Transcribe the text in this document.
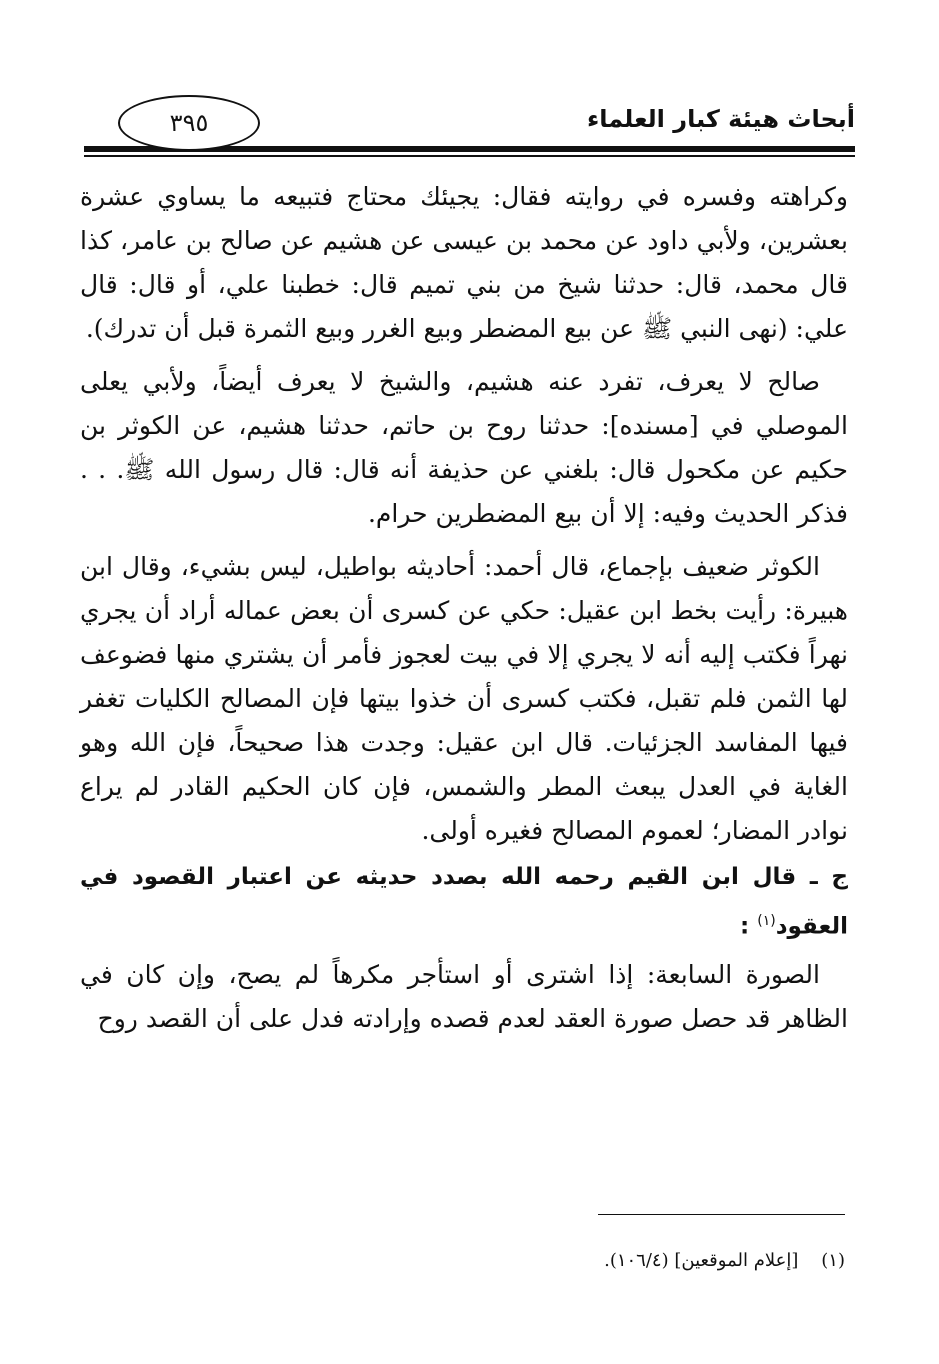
٣٩٥	أبحاث هيئة كبار العلماء

وكراهته وفسره في روايته فقال: يجيئك محتاج فتبيعه ما يساوي عشرة بعشرين، ولأبي داود عن محمد بن عيسى عن هشيم عن صالح بن عامر، كذا قال محمد، قال: حدثنا شيخ من بني تميم قال: خطبنا علي، أو قال: قال علي: (نهى النبي ﷺ عن بيع المضطر وبيع الغرر وبيع الثمرة قبل أن تدرك).

صالح لا يعرف، تفرد عنه هشيم، والشيخ لا يعرف أيضاً، ولأبي يعلى الموصلي في [مسنده]: حدثنا روح بن حاتم، حدثنا هشيم، عن الكوثر بن حكيم عن مكحول قال: بلغني عن حذيفة أنه قال: قال رسول الله ﷺ. . . فذكر الحديث وفيه: إلا أن بيع المضطرين حرام.

الكوثر ضعيف بإجماع، قال أحمد: أحاديثه بواطيل، ليس بشيء، وقال ابن هبيرة: رأيت بخط ابن عقيل: حكي عن كسرى أن بعض عماله أراد أن يجري نهراً فكتب إليه أنه لا يجري إلا في بيت لعجوز فأمر أن يشتري منها فضوعف لها الثمن فلم تقبل، فكتب كسرى أن خذوا بيتها فإن المصالح الكليات تغفر فيها المفاسد الجزئيات. قال ابن عقيل: وجدت هذا صحيحاً، فإن الله وهو الغاية في العدل يبعث المطر والشمس، فإن كان الحكيم القادر لم يراع نوادر المضار؛ لعموم المصالح فغيره أولى.

ج ـ قال ابن القيم رحمه الله بصدد حديثه عن اعتبار القصود في العقود$^{(١)}$ :

الصورة السابعة: إذا اشترى أو استأجر مكرهاً لم يصح، وإن كان في الظاهر قد حصل صورة العقد لعدم قصده وإرادته فدل على أن القصد روح

(١)    [إعلام الموقعين] (١٠٦/٤).
